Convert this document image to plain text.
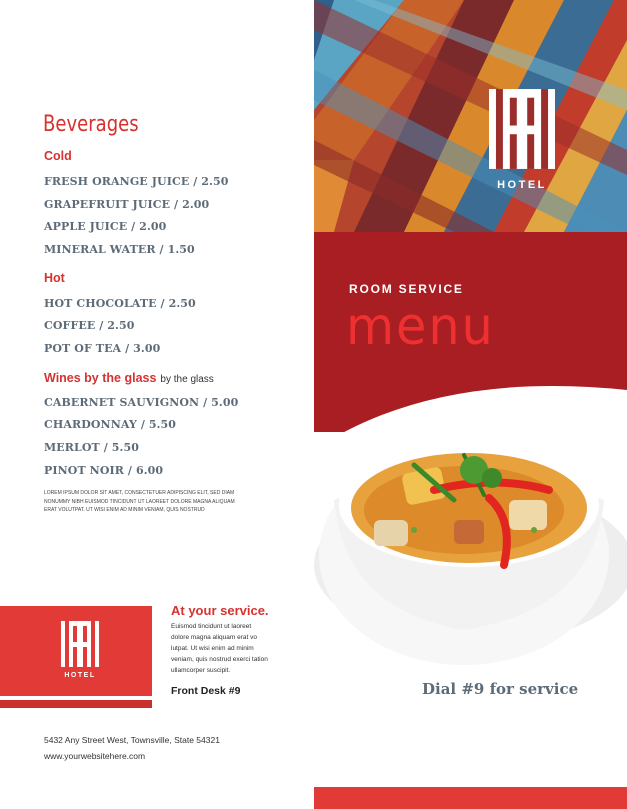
Beverages
Cold
FRESH ORANGE JUICE / 2.50
GRAPEFRUIT JUICE / 2.00
APPLE JUICE / 2.00
MINERAL WATER / 1.50
Hot
HOT CHOCOLATE / 2.50
COFFEE / 2.50
POT OF TEA / 3.00
Wines by the glass by the glass
CABERNET SAUVIGNON / 5.00
CHARDONNAY / 5.50
MERLOT / 5.50
PINOT NOIR / 6.00
LOREM IPSUM DOLOR SIT AMET, CONSECTETUER ADIPISCING ELIT, SED DIAM NONUMMY NIBH EUISMOD TINCIDUNT UT LAOREET DOLORE MAGNA ALIQUAM ERAT VOLUTPAT. UT WISI ENIM AD MINIM VENIAM, QUIS NOSTRUD
HOTEL
At your service.
Euismod tincidunt ut laoreet dolore magna aliquam erat vo lutpat. Ut wisi enim ad minim veniam, quis nostrud exerci tation ullamcorper suscipit.
Front Desk #9
5432 Any Street West, Townsville, State 54321
www.yourwebsitehere.com
HOTEL
ROOM SERVICE
menu
Dial #9 for service
